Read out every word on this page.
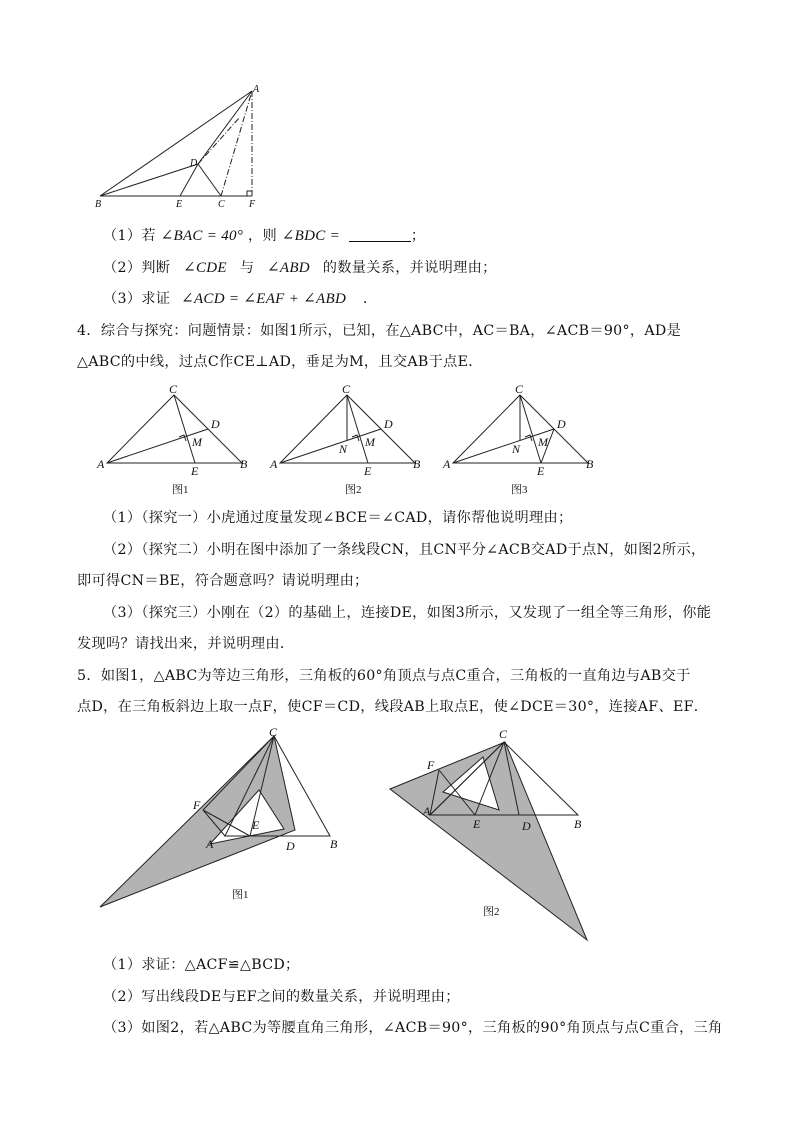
A
B
D
E	C F
（1）若 ∠BAC = 40° ，则 ∠BDC =	；
（2）判断 ∠CDE 与 ∠ABD 的数量关系，并说明理由；
（3）求证 ∠ACD = ∠EAF + ∠ABD .
4．综合与探究：问题情景：如图1所示，已知，在△ABC中，AC＝BA，∠ACB＝90°，AD是
△ABC的中线，过点C作CE⊥AD，垂足为M，且交AB于点E．
C
A	B
D
E
M
图1
C
A	B
D
E
M
N
图2
C
A	B
D
E
M
N
图3
（1）（探究一）小虎通过度量发现∠BCE＝∠CAD，请你帮他说明理由；
（2）（探究二）小明在图中添加了一条线段CN，且CN平分∠ACB交AD于点N，如图2所示，
即可得CN＝BE，符合题意吗？请说明理由；
（3）（探究三）小刚在（2）的基础上，连接DE，如图3所示，又发现了一组全等三角形，你能
发现吗？请找出来，并说明理由．
5．如图1，△ABC为等边三角形，三角板的60°角顶点与点C重合，三角板的一直角边与AB交于
点D，在三角板斜边上取一点F，使CF＝CD，线段AB上取点E，使∠DCE＝30°，连接AF、EF．
C
F
A
E
D	B
图1
C
F
A
E	D	B
图2
（1）求证：△ACF≌△BCD；
（2）写出线段DE与EF之间的数量关系，并说明理由；
（3）如图2，若△ABC为等腰直角三角形，∠ACB＝90°，三角板的90°角顶点与点C重合，三角
